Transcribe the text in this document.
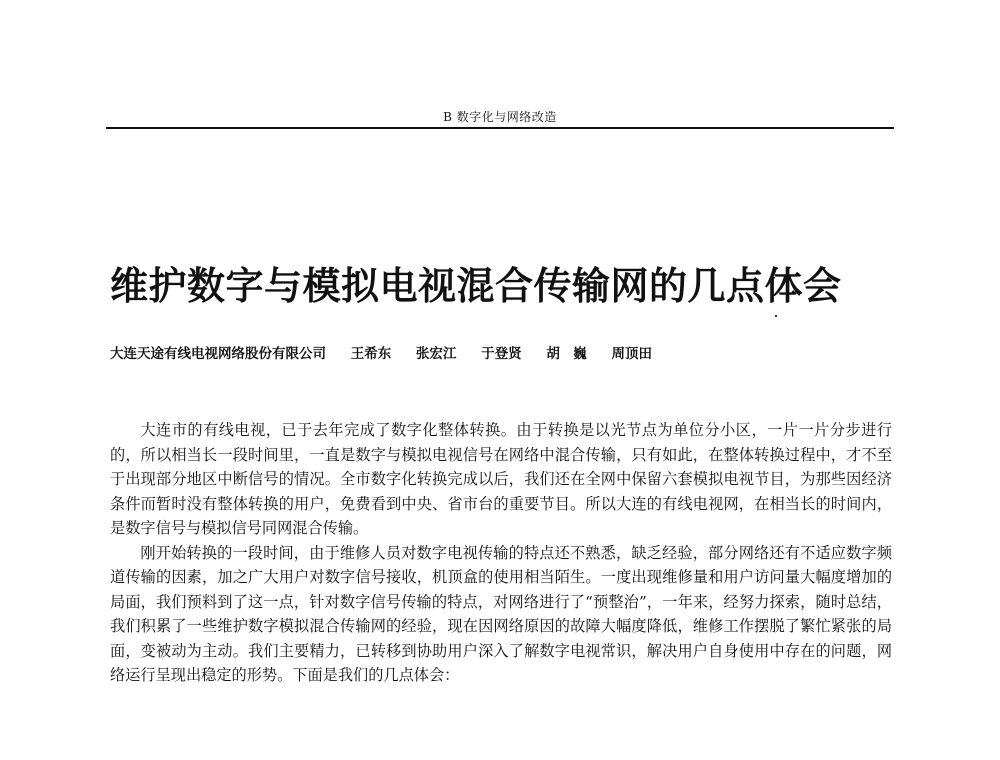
B 数字化与网络改造
维护数字与模拟电视混合传输网的几点体会
大连天途有线电视网络股份有限公司 王希东 张宏江 于登贤 胡　巍 周顶田

大连市的有线电视，已于去年完成了数字化整体转换。由于转换是以光节点为单位分小区，一片一片分步进行的，所以相当长一段时间里，一直是数字与模拟电视信号在网络中混合传输，只有如此，在整体转换过程中，才不至于出现部分地区中断信号的情况。全市数字化转换完成以后，我们还在全网中保留六套模拟电视节目，为那些因经济条件而暂时没有整体转换的用户，免费看到中央、省市台的重要节目。所以大连的有线电视网，在相当长的时间内，是数字信号与模拟信号同网混合传输。

刚开始转换的一段时间，由于维修人员对数字电视传输的特点还不熟悉，缺乏经验，部分网络还有不适应数字频道传输的因素，加之广大用户对数字信号接收，机顶盒的使用相当陌生。一度出现维修量和用户访问量大幅度增加的局面，我们预料到了这一点，针对数字信号传输的特点，对网络进行了“预整治”，一年来，经努力探索，随时总结，我们积累了一些维护数字模拟混合传输网的经验，现在因网络原因的故障大幅度降低，维修工作摆脱了繁忙紧张的局面，变被动为主动。我们主要精力，已转移到协助用户深入了解数字电视常识，解决用户自身使用中存在的问题，网络运行呈现出稳定的形势。下面是我们的几点体会：
